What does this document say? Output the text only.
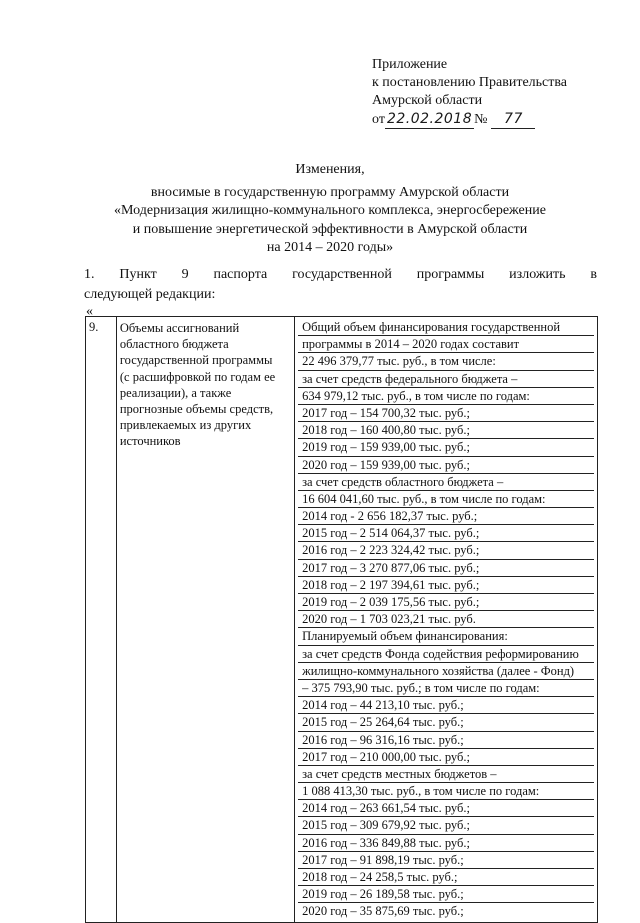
Приложение
к постановлению Правительства
Амурской области
от 22.02.2018 №	77
Изменения,
вносимые в государственную программу Амурской области
«Модернизация жилищно-коммунального комплекса, энергосбережение
и повышение энергетической эффективности в Амурской области
на 2014 – 2020 годы»
1. Пункт 9 паспорта государственной программы изложить в
следующей редакции:
«
9.	Объемы ассигнований
областного бюджета
государственной программы
(с расшифровкой по годам ее
реализации), а также
прогнозные объемы средств,
привлекаемых из других
источников

Общий объем финансирования государственной
программы в 2014 – 2020 годах составит
22 496 379,77 тыс. руб., в том числе:
за счет средств федерального бюджета –
634 979,12 тыс. руб., в том числе по годам:
2017 год – 154 700,32 тыс. руб.;
2018 год – 160 400,80 тыс. руб.;
2019 год – 159 939,00 тыс. руб.;
2020 год – 159 939,00 тыс. руб.;
за счет средств областного бюджета –
16 604 041,60 тыс. руб., в том числе по годам:
2014 год - 2 656 182,37 тыс. руб.;
2015 год – 2 514 064,37 тыс. руб.;
2016 год – 2 223 324,42 тыс. руб.;
2017 год – 3 270 877,06 тыс. руб.;
2018 год – 2 197 394,61 тыс. руб.;
2019 год – 2 039 175,56 тыс. руб.;
2020 год – 1 703 023,21 тыс. руб.
Планируемый объем финансирования:
за счет средств Фонда содействия реформированию
жилищно-коммунального хозяйства (далее - Фонд)
– 375 793,90 тыс. руб.; в том числе по годам:
2014 год – 44 213,10 тыс. руб.;
2015 год – 25 264,64 тыс. руб.;
2016 год – 96 316,16 тыс. руб.;
2017 год – 210 000,00 тыс. руб.;
за счет средств местных бюджетов –
1 088 413,30 тыс. руб., в том числе по годам:
2014 год – 263 661,54 тыс. руб.;
2015 год – 309 679,92 тыс. руб.;
2016 год – 336 849,88 тыс. руб.;
2017 год – 91 898,19 тыс. руб.;
2018 год – 24 258,5 тыс. руб.;
2019 год – 26 189,58 тыс. руб.;
2020 год – 35 875,69 тыс. руб.;
